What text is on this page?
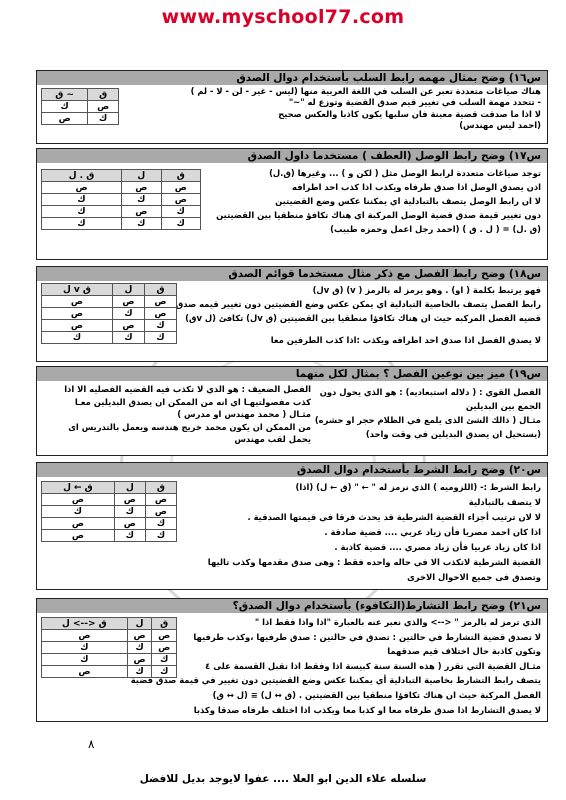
www.myschool77.com
س١٦) وضح بمثال مهمه رابط السلب بأستخدام دوال الصدق
هناك صياغات متعددة تعبر عن السلب في اللغة العربية منها (ليس - غير - لن - لا - لم )
- تتحدد مهمة السلب في تغيير قيم صدق القضية وتوزع له "~"
ﻻ اذا ما صدقت قضية معينة فان سلبها يكون كاذبا والعكس صحيح
(احمد ليس مهندس)
ق	~ ق
ص	ك
ك	ص
س١٧) وضح رابط الوصل (العطف ) مستخدما داول الصدق
توجد صياغات متعددة لرابط الوصل مثل ( لكن و ) ... وغيرها (ق.ل)
اذن يصدق الوصل اذا صدق طرفاه ويكذب اذا كذب احد اطرافه
ﻻ ان رابط الوصل يتصف بالتبادلية اي يمكننا عكس وضع القضيتين
دون تغيير قيمة صدق قضية الوصل المركبة اي هناك تكافؤ منطقيا بين القضيتين
(ق .ل) = ( ل . ق ) (احمد رجل اعمل وحمزه طبيب)
ق	ل	ق . ل
ص	ص	ص
ص	ك	ك
ك	ص	ك
ك	ك	ك
س١٨) وضح رابط الفصل مع ذكر مثال مستخدما قوائم الصدق
فهو يرتبط بكلمة ( او) . وهو يرمز له بالرمز ( v) (ق vل)
رابط الفصل يتصف بالخاصية التبادلية اي يمكن عكس وضع القضيتين دون تغيير قيمه صدق
قضيه الفصل المركبه حيث ان هناك تكافؤا منطقيا بين القضيتين (ق vل) تكافئ (ل vق)
ﻻ يصدق الفصل اذا صدق احد اطرافه ويكذب :اذا كذب الطرفين معا
ق	ل	ق v ل
ص	ص	ص
ص	ك	ص
ك	ص	ص
ك	ك	ك
س١٩) ميز بين نوعين الفصل ؟ بمثال لكل منهما
الفصل القوي : ( دلاله استبعاديه) : هو الذي يحول دون
الجمع بين البديلين
مثـال ( ذالك الشئ الذى يلمع في الظلام حجر او حشره)
(يستحيل ان يصدق البديلين في وقت واحد)
الفصل الضعيف : هو الذي لا تكذب فيه القضيه الفصليه الا اذا
كذب مفصولتيهـا اي انه من الممكن ان يصدق البديلين معـا
مثـال ( محمد مهندس او مدرس )
من الممكن ان يكون محمد خريج هندسه ويعمل بالتدريس اى
يحمل لقب مهندس
س٢٠) وضح رابط الشرط بأستخدام دوال الصدق
رابط الشرط :- (اللزوميه ) الذي نرمز له " ← " (ق ← ل) (اذا)
ﻻ يتصف بالتبادلية
ﻻ لان ترتيب أجزاء القضية الشرطية قد يحدث فرقا في قيمتها الصدقية .
اذا كان احمد مصريا فأن زياد عربي .... قضية صادقة .
اذا كان زياد عربيا فأن زياد مصري .... قضية كاذبة .
القضية الشرطية لاتكذب الا في حاله واحده فقط : وهى صدق مقدمها وكذب تاليها
وتصدق فى جميع الاحوال الاخرى
ق	ل	ق ← ل
ص	ص	ص
ص	ك	ك
ك	ص	ص
ك	ك	ص
س٢١) وضح رابط التشارط(التكافوء) بأستخدام دوال الصدق؟
الذي ترمز له بالرمز " <--> والذي نعبر عنه بالعبارة "اذا واذا فقط اذا "
ﻻ تصدق قضية التشارط في حالتين : تصدق في حالتين : صدق طرفيها ،وكذب طرفيها
وتكون كاذبة حال اختلاف قيم صدقهما
مثـال القضية التي تقرر ( هذه السنة سنة كبيسة اذا وفقط اذا تقبل القسمة على ٤
يتصف رابط التشارط بخاصية التبادلية أي يمكننا عكس وضع القضيتين دون تغيير في قيمة صدق قضية
الفصل المركبة حيث ان هناك تكافؤا منطقيا بين القضيتين . (ق ↔ ل) ≡ (ل ↔ ق)
ﻻ يصدق التشارط اذا صدق طرفاه معا او كذبا معا ويكذب اذا اختلف طرفاه صدقا وكذبا
ق	ل	ق <--> ل
ص	ص	ص
ص	ك	ك
ك	ص	ك
ك	ك	ص
٨
سلسله علاء الدين ابو العلا .... عفوا لايوجد بديل للافضل
